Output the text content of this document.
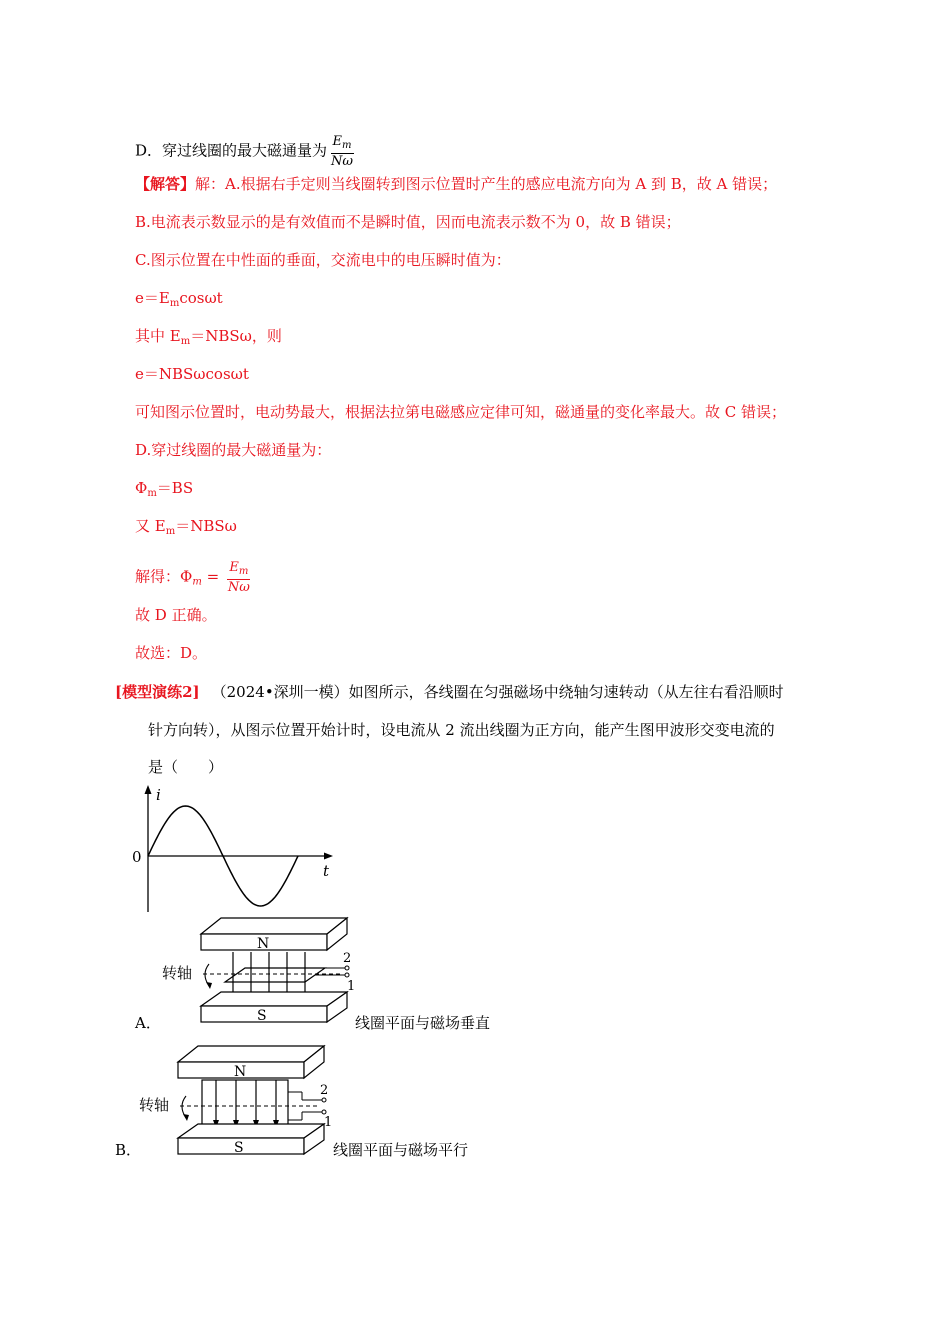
D．穿过线圈的最大磁通量为 $\frac{E_m}{N\omega}$
【解答】解：A.根据右手定则当线圈转到图示位置时产生的感应电流方向为 A 到 B，故 A 错误；
B.电流表示数显示的是有效值而不是瞬时值，因而电流表示数不为 0，故 B 错误；
C.图示位置在中性面的垂面，交流电中的电压瞬时值为：
$e=E_m\cos\omega t$
其中 $E_m=NBS\omega$，则
e＝NBSωcosωt
可知图示位置时，电动势最大，根据法拉第电磁感应定律可知，磁通量的变化率最大。故 C 错误；
D.穿过线圈的最大磁通量为：
$\Phi_m=BS$
又 $E_m=NBS\omega$
解得：$\Phi_m = \frac{E_m}{N\omega}$
故 D 正确。
故选：D。
[模型演练2] （2024•深圳一模）如图所示，各线圈在匀强磁场中绕轴匀速转动（从左往右看沿顺时
针方向转），从图示位置开始计时，设电流从 2 流出线圈为正方向，能产生图甲波形交变电流的
是（　　）
i
t
0
A．
N
2
1
转轴
S	线圈平面与磁场垂直
B．
N
2
1
转轴
S	线圈平面与磁场平行
